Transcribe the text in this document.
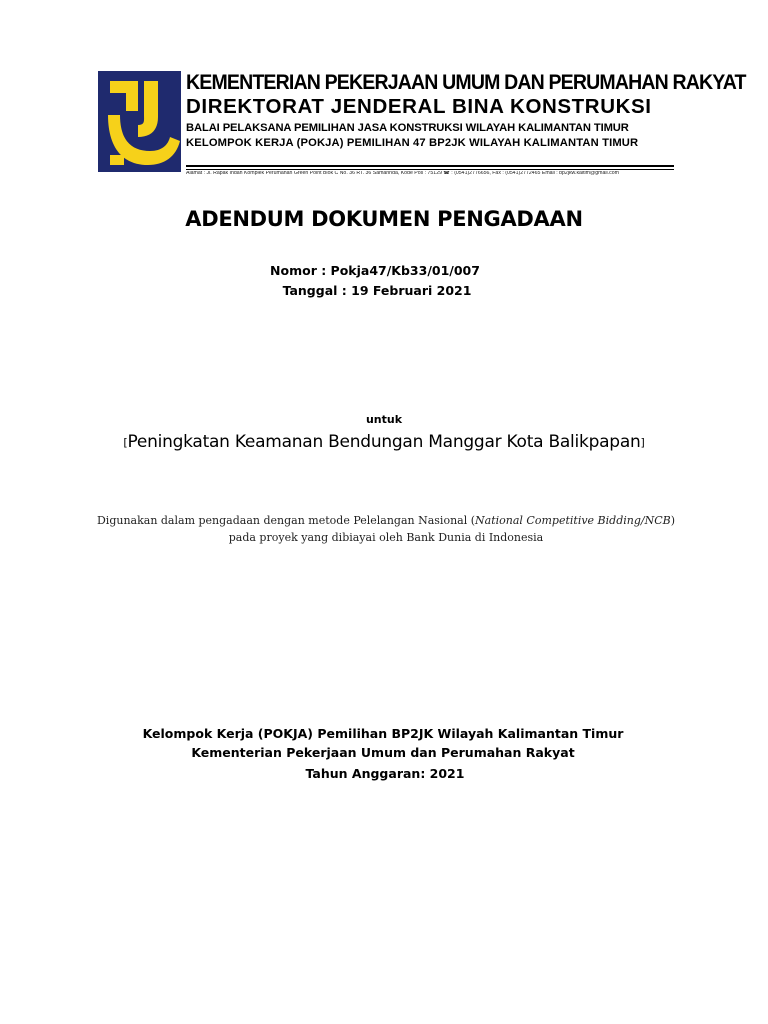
KEMENTERIAN PEKERJAAN UMUM DAN PERUMAHAN RAKYAT
DIREKTORAT JENDERAL BINA KONSTRUKSI
BALAI PELAKSANA PEMILIHAN JASA KONSTRUKSI WILAYAH KALIMANTAN TIMUR
KELOMPOK KERJA (POKJA) PEMILIHAN 47 BP2JK WILAYAH KALIMANTAN TIMUR
Alamat : Jl. Rapak Indah Komplek Perumahan Green Point Blok C No. 36 RT. 36 Samarinda, Kode Pos : 75129 ☎ : (0541)2776656, Fax : (0541)2772465 Email : bp2jkw.kaltim@gmail.com
ADENDUM DOKUMEN PENGADAAN
Nomor : Pokja47/Kb33/01/007
Tanggal : 19 Februari 2021
untuk
[Peningkatan Keamanan Bendungan Manggar Kota Balikpapan]
Digunakan dalam pengadaan dengan metode Pelelangan Nasional (National Competitive Bidding/NCB) pada proyek yang dibiayai oleh Bank Dunia di Indonesia
Kelompok Kerja (POKJA) Pemilihan BP2JK Wilayah Kalimantan Timur
Kementerian Pekerjaan Umum dan Perumahan Rakyat
Tahun Anggaran: 2021
